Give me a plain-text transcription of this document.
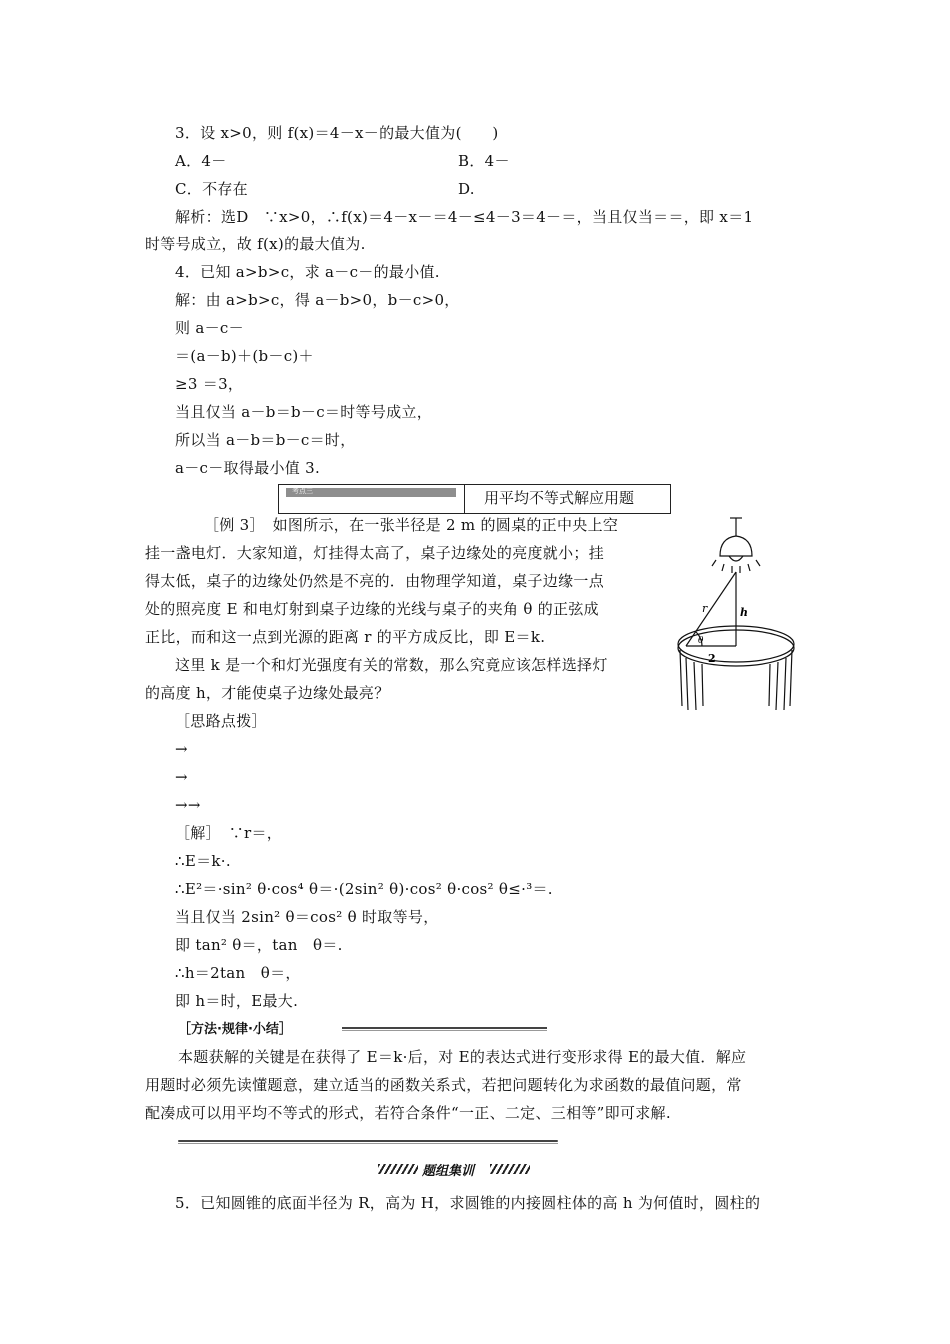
3．设 x>0，则 f(x)＝4－x－的最大值为(　　)
A．4－	B．4－
C．不存在	D.
解析：选D　∵x>0，∴f(x)＝4－x－＝4－≤4－3＝4－＝，当且仅当＝＝，即 x＝1
时等号成立，故 f(x)的最大值为.
4．已知 a>b>c，求 a－c－的最小值.
解：由 a>b>c，得 a－b>0，b－c>0，
则 a－c－
＝(a－b)＋(b－c)＋
≥3 ＝3，
当且仅当 a－b＝b－c＝时等号成立，
所以当 a－b＝b－c＝时，
a－c－取得最小值 3.
考点三	用平均不等式解应用题
［例 3］　如图所示，在一张半径是 2 m 的圆桌的正中央上空
挂一盏电灯．大家知道，灯挂得太高了，桌子边缘处的亮度就小；挂
得太低，桌子的边缘处仍然是不亮的．由物理学知道，桌子边缘一点
处的照亮度 E 和电灯射到桌子边缘的光线与桌子的夹角 θ 的正弦成
正比，而和这一点到光源的距离 r 的平方成反比，即 E＝k.
这里 k 是一个和灯光强度有关的常数，那么究竟应该怎样选择灯
的高度 h，才能使桌子边缘处最亮？
［思路点拨］
→
→
→→
r	h
θ
2
［解］　∵r＝，
∴E＝k·.
∴E²＝·sin² θ·cos⁴ θ＝·(2sin² θ)·cos² θ·cos² θ≤·³＝.
当且仅当 2sin² θ＝cos² θ 时取等号，
即 tan² θ＝，tan　θ＝.
∴h＝2tan　θ＝，
即 h＝时，E最大.
［方法·规律·小结］
本题获解的关键是在获得了 E＝k·后，对 E的表达式进行变形求得 E的最大值．解应
用题时必须先读懂题意，建立适当的函数关系式，若把问题转化为求函数的最值问题，常
配凑成可以用平均不等式的形式，若符合条件“一正、二定、三相等”即可求解.
题组集训
5．已知圆锥的底面半径为 R，高为 H，求圆锥的内接圆柱体的高 h 为何值时，圆柱的
